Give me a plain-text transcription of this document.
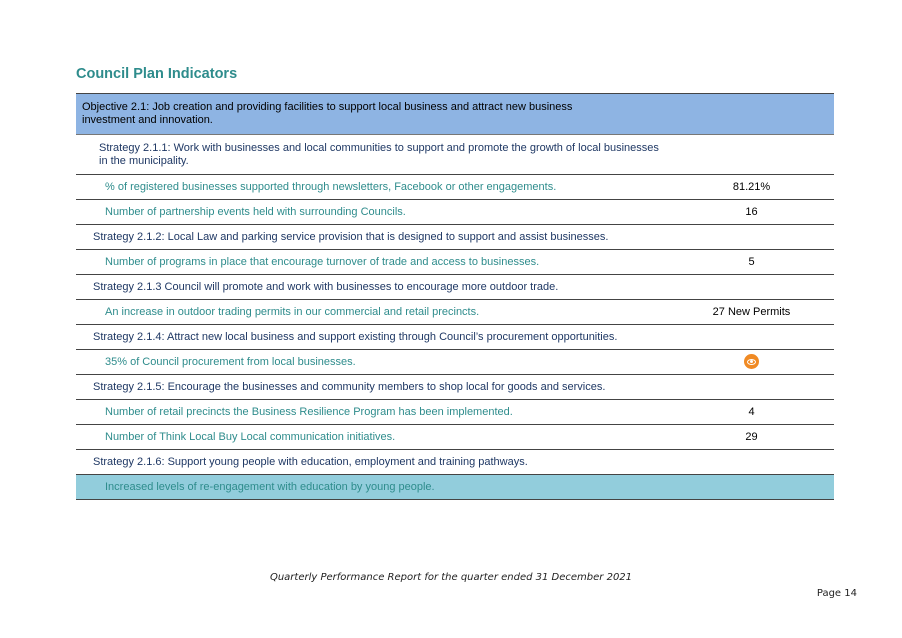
Council Plan Indicators
Objective 2.1: Job creation and providing facilities to support local business and attract new business investment and innovation.	

Strategy 2.1.1: Work with businesses and local communities to support and promote the growth of local businesses in the municipality.	

% of registered businesses supported through newsletters, Facebook or other engagements.	81.21%
Number of partnership events held with surrounding Councils.	16
Strategy 2.1.2: Local Law and parking service provision that is designed to support and assist businesses.	
Number of programs in place that encourage turnover of trade and access to businesses.	5
Strategy 2.1.3 Council will promote and work with businesses to encourage more outdoor trade.	
An increase in outdoor trading permits in our commercial and retail precincts.	27 New Permits
Strategy 2.1.4: Attract new local business and support existing through Council’s procurement opportunities.	
35% of Council procurement from local businesses.	
Strategy 2.1.5: Encourage the businesses and community members to shop local for goods and services.	
Number of retail precincts the Business Resilience Program has been implemented.	4
Number of Think Local Buy Local communication initiatives.	29
Strategy 2.1.6: Support young people with education, employment and training pathways.	
Increased levels of re-engagement with education by young people.	
Quarterly Performance Report for the quarter ended 31 December 2021
Page 14
